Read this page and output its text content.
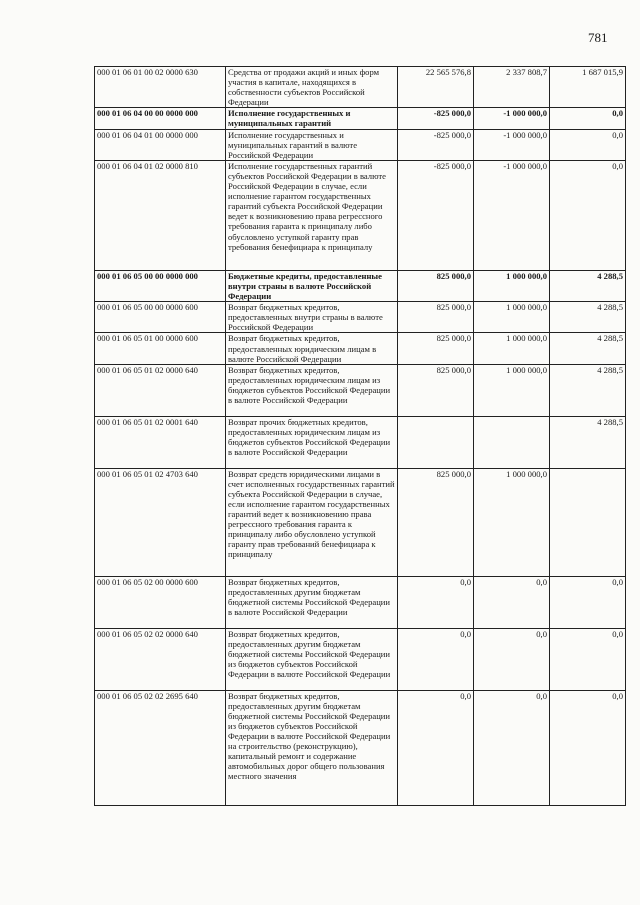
781
000 01 06 01 00 02 0000 630	Средства от продажи акций и иных форм участия в капитале, находящихся в собственности субъектов Российской Федерации	22 565 576,8	2 337 808,7	1 687 015,9
000 01 06 04 00 00 0000 000	Исполнение государственных и муниципальных гарантий	-825 000,0	-1 000 000,0	0,0
000 01 06 04 01 00 0000 000	Исполнение государственных и муниципальных гарантий в валюте Российской Федерации	-825 000,0	-1 000 000,0	0,0
000 01 06 04 01 02 0000 810	Исполнение государственных гарантий субъектов Российской Федерации в валюте Российской Федерации в случае, если исполнение гарантом государственных гарантий субъекта Российской Федерации ведет к возникновению права регрессного требования гаранта к принципалу либо обусловлено уступкой гаранту прав требования бенефициара к принципалу	-825 000,0	-1 000 000,0	0,0
000 01 06 05 00 00 0000 000	Бюджетные кредиты, предоставленные внутри страны в валюте Российской Федерации	825 000,0	1 000 000,0	4 288,5
000 01 06 05 00 00 0000 600	Возврат бюджетных кредитов, предоставленных внутри страны в валюте Российской Федерации	825 000,0	1 000 000,0	4 288,5
000 01 06 05 01 00 0000 600	Возврат бюджетных кредитов, предоставленных юридическим лицам в валюте Российской Федерации	825 000,0	1 000 000,0	4 288,5
000 01 06 05 01 02 0000 640	Возврат бюджетных кредитов, предоставленных юридическим лицам из бюджетов субъектов Российской Федерации в валюте Российской Федерации	825 000,0	1 000 000,0	4 288,5
000 01 06 05 01 02 0001 640	Возврат прочих бюджетных кредитов, предоставленных юридическим лицам из бюджетов субъектов Российской Федерации в валюте Российской Федерации			4 288,5
000 01 06 05 01 02 4703 640	Возврат средств юридическими лицами в счет исполненных государственных гарантий субъекта Российской Федерации в случае, если исполнение гарантом государственных гарантий ведет к возникновению права регрессного требования гаранта к принципалу либо обусловлено уступкой гаранту прав требований бенефициара к принципалу	825 000,0	1 000 000,0	
000 01 06 05 02 00 0000 600	Возврат бюджетных кредитов, предоставленных другим бюджетам бюджетной системы Российской Федерации в валюте Российской Федерации	0,0	0,0	0,0
000 01 06 05 02 02 0000 640	Возврат бюджетных кредитов, предоставленных другим бюджетам бюджетной системы Российской Федерации из бюджетов субъектов Российской Федерации в валюте Российской Федерации	0,0	0,0	0,0
000 01 06 05 02 02 2695 640	Возврат бюджетных кредитов, предоставленных другим бюджетам бюджетной системы Российской Федерации из бюджетов субъектов Российской Федерации в валюте Российской Федерации на строительство (реконструкцию), капитальный ремонт и содержание автомобильных дорог общего пользования местного значения	0,0	0,0	0,0
